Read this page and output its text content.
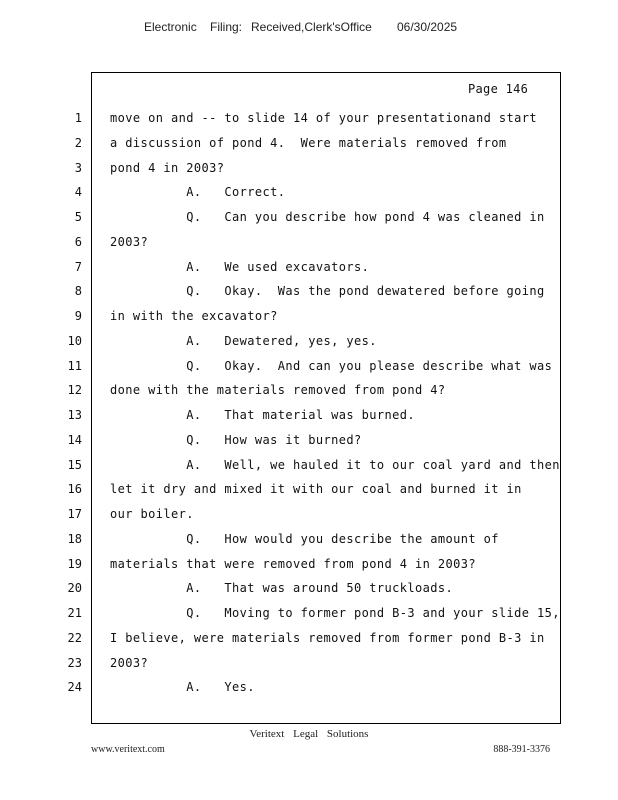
Electronic Filing: Received,Clerk'sOffice 06/30/2025
Page 146
1 move on and -- to slide 14 of your presentationand start
2 a discussion of pond 4.  Were materials removed from
3 pond 4 in 2003?
4 A.   Correct.
5 Q.   Can you describe how pond 4 was cleaned in
6 2003?
7 A.   We used excavators.
8 Q.   Okay.  Was the pond dewatered before going
9 in with the excavator?
10 A.   Dewatered, yes, yes.
11 Q.   Okay.  And can you please describe what was
12 done with the materials removed from pond 4?
13 A.   That material was burned.
14 Q.   How was it burned?
15 A.   Well, we hauled it to our coal yard and then
16 let it dry and mixed it with our coal and burned it in
17 our boiler.
18 Q.   How would you describe the amount of
19 materials that were removed from pond 4 in 2003?
20 A.   That was around 50 truckloads.
21 Q.   Moving to former pond B-3 and your slide 15,
22 I believe, were materials removed from former pond B-3 in
23 2003?
24 A.   Yes.
Veritext Legal Solutions
www.veritext.com	888-391-3376
